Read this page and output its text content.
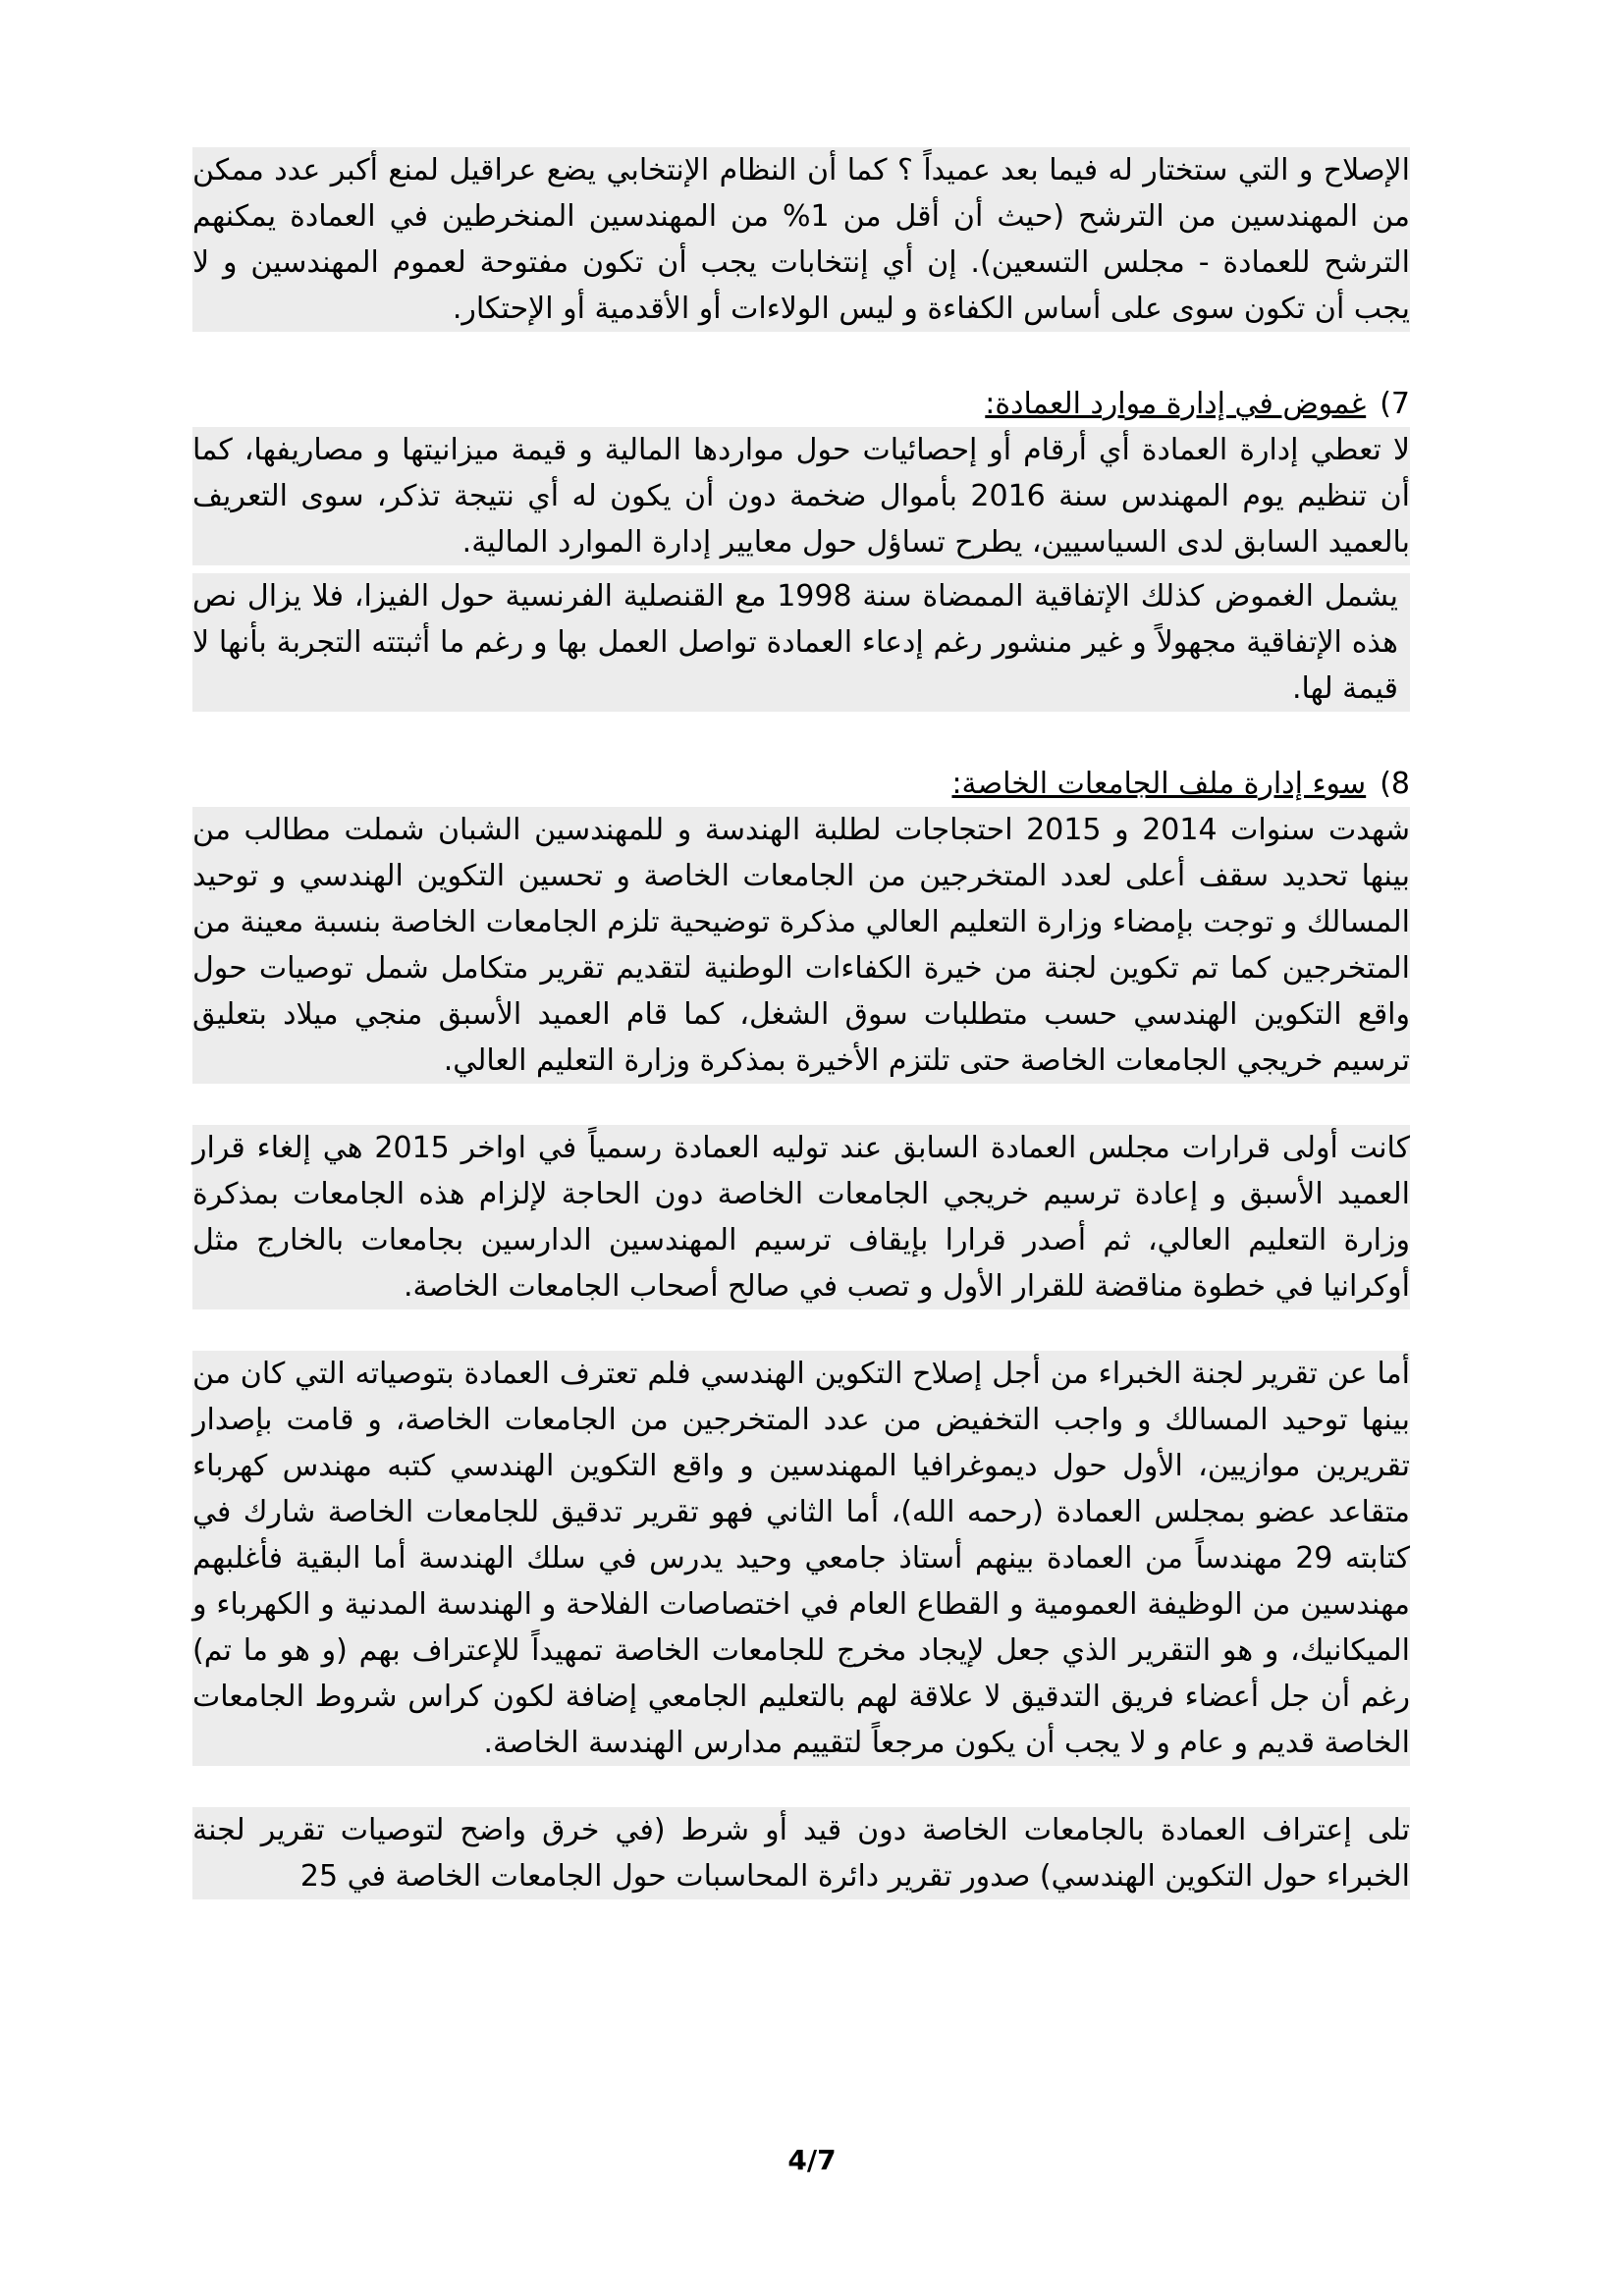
الإصلاح و التي ستختار له فيما بعد عميداً ؟ كما أن النظام الإنتخابي يضع عراقيل لمنع أكبر عدد ممكن من المهندسين من الترشح (حيث أن أقل من 1% من المهندسين المنخرطين في العمادة يمكنهم الترشح للعمادة - مجلس التسعين). إن أي إنتخابات يجب أن تكون مفتوحة لعموم المهندسين و لا يجب أن تكون سوى على أساس الكفاءة و ليس الولاءات أو الأقدمية أو الإحتكار.

7)
غموض في إدارة موارد العمادة:

لا تعطي إدارة العمادة أي أرقام أو إحصائيات حول مواردها المالية و قيمة ميزانيتها و مصاريفها، كما أن تنظيم يوم المهندس سنة 2016 بأموال ضخمة دون أن يكون له أي نتيجة تذكر، سوى التعريف بالعميد السابق لدى السياسيين، يطرح تساؤل حول معايير إدارة الموارد المالية.

يشمل الغموض كذلك الإتفاقية الممضاة سنة 1998 مع القنصلية الفرنسية حول الفيزا، فلا يزال نص هذه الإتفاقية مجهولاً و غير منشور رغم إدعاء العمادة تواصل العمل بها و رغم ما أثبتته التجربة بأنها لا قيمة لها.

8)
سوء إدارة ملف الجامعات الخاصة:

شهدت سنوات 2014 و 2015 احتجاجات لطلبة الهندسة و للمهندسين الشبان شملت مطالب من بينها تحديد سقف أعلى لعدد المتخرجين من الجامعات الخاصة و تحسين التكوين الهندسي و توحيد المسالك و توجت بإمضاء وزارة التعليم العالي مذكرة توضيحية تلزم الجامعات الخاصة بنسبة معينة من المتخرجين كما تم تكوين لجنة من خيرة الكفاءات الوطنية لتقديم تقرير متكامل شمل توصيات حول واقع التكوين الهندسي حسب متطلبات سوق الشغل، كما قام العميد الأسبق منجي ميلاد بتعليق ترسيم خريجي الجامعات الخاصة حتى تلتزم الأخيرة بمذكرة وزارة التعليم العالي.

كانت أولى قرارات مجلس العمادة السابق عند توليه العمادة رسمياً في اواخر 2015 هي إلغاء قرار العميد الأسبق و إعادة ترسيم خريجي الجامعات الخاصة دون الحاجة لإلزام هذه الجامعات بمذكرة وزارة التعليم العالي، ثم أصدر قرارا بإيقاف ترسيم المهندسين الدارسين بجامعات بالخارج مثل أوكرانيا في خطوة مناقضة للقرار الأول و تصب في صالح أصحاب الجامعات الخاصة.

أما عن تقرير لجنة الخبراء من أجل إصلاح التكوين الهندسي فلم تعترف العمادة بتوصياته التي كان من بينها توحيد المسالك و واجب التخفيض من عدد المتخرجين من الجامعات الخاصة، و قامت بإصدار تقريرين موازيين، الأول حول ديموغرافيا المهندسين و واقع التكوين الهندسي كتبه مهندس كهرباء متقاعد عضو بمجلس العمادة (رحمه الله)، أما الثاني فهو تقرير تدقيق للجامعات الخاصة شارك في كتابته 29 مهندساً من العمادة بينهم أستاذ جامعي وحيد يدرس في سلك الهندسة أما البقية فأغلبهم مهندسين من الوظيفة العمومية و القطاع العام في اختصاصات الفلاحة و الهندسة المدنية و الكهرباء و الميكانيك، و هو التقرير الذي جعل لإيجاد مخرج للجامعات الخاصة تمهيداً للإعتراف بهم (و هو ما تم) رغم أن جل أعضاء فريق التدقيق لا علاقة لهم بالتعليم الجامعي إضافة لكون كراس شروط الجامعات الخاصة قديم و عام و لا يجب أن يكون مرجعاً لتقييم مدارس الهندسة الخاصة.

تلى إعتراف العمادة بالجامعات الخاصة دون قيد أو شرط (في خرق واضح لتوصيات تقرير لجنة الخبراء حول التكوين الهندسي) صدور تقرير دائرة المحاسبات حول الجامعات الخاصة في 25

4/7
